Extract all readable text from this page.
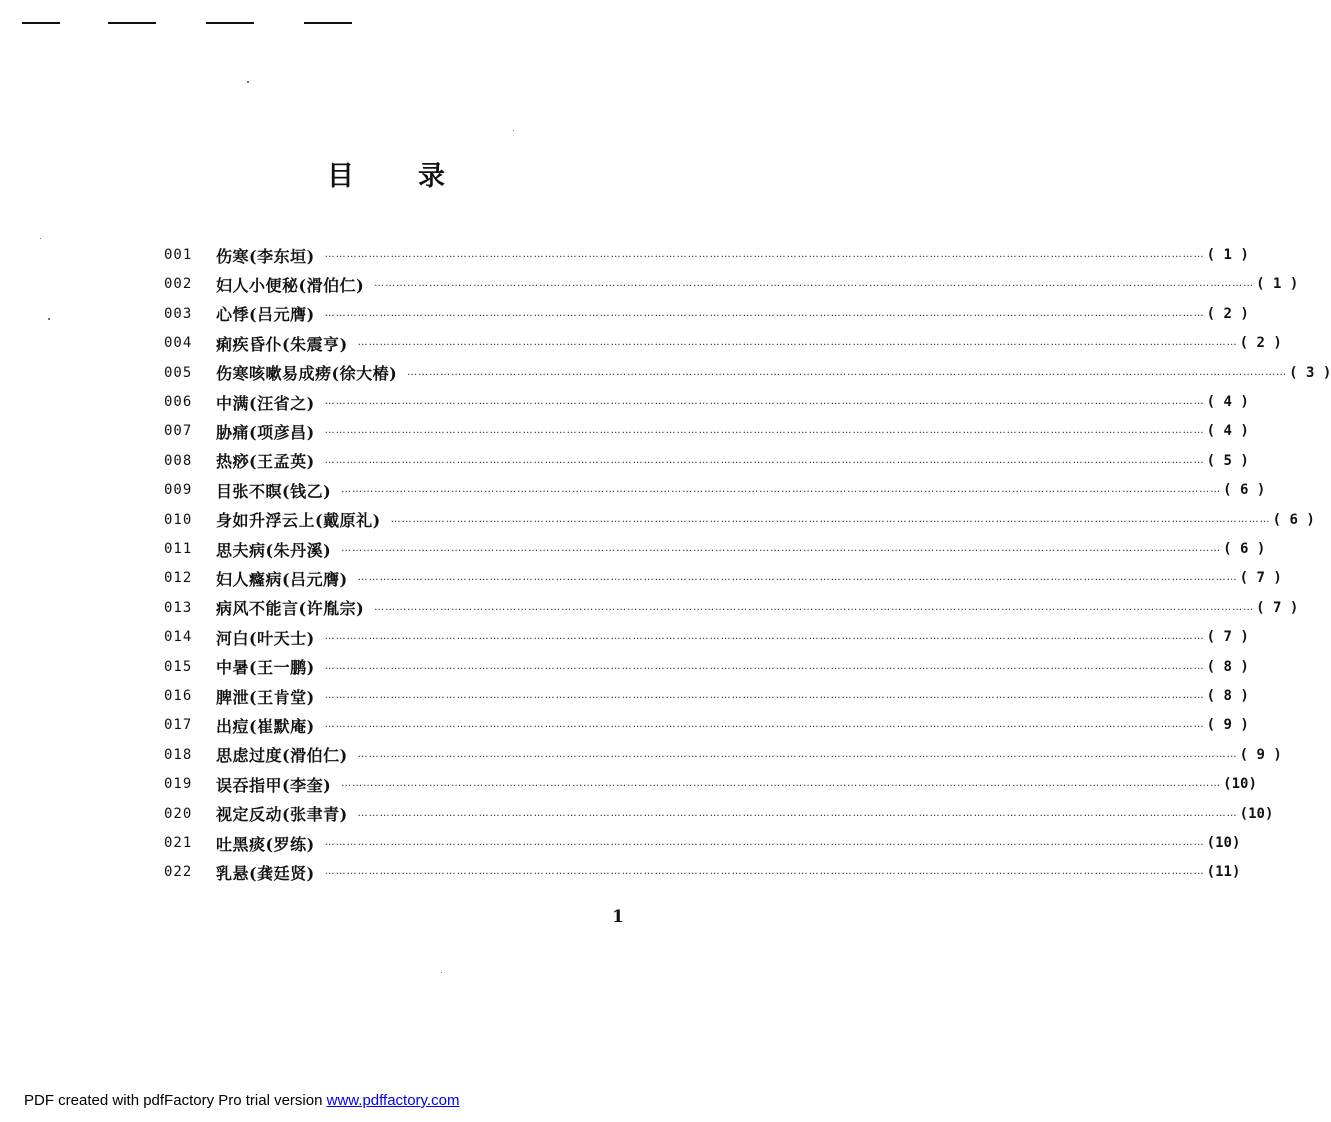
目 录
001	伤寒(李东垣) …………………………………………………………………………………………………………………………………………………………………………………………………………………… ( 1 )
002	妇人小便秘(滑伯仁) …………………………………………………………………………………………………………………………………………………………………………………………………………………… ( 1 )
003	心悸(吕元膺) …………………………………………………………………………………………………………………………………………………………………………………………………………………… ( 2 )
004	痢疾昏仆(朱震亨) …………………………………………………………………………………………………………………………………………………………………………………………………………………… ( 2 )
005	伤寒咳嗽易成痨(徐大椿) …………………………………………………………………………………………………………………………………………………………………………………………………………………… ( 3 )
006	中满(汪省之) …………………………………………………………………………………………………………………………………………………………………………………………………………………… ( 4 )
007	胁痛(项彦昌) …………………………………………………………………………………………………………………………………………………………………………………………………………………… ( 4 )
008	热痧(王孟英) …………………………………………………………………………………………………………………………………………………………………………………………………………………… ( 5 )
009	目张不瞑(钱乙) …………………………………………………………………………………………………………………………………………………………………………………………………………………… ( 6 )
010	身如升浮云上(戴原礼) …………………………………………………………………………………………………………………………………………………………………………………………………………………… ( 6 )
011	思夫病(朱丹溪) …………………………………………………………………………………………………………………………………………………………………………………………………………………… ( 6 )
012	妇人癃病(吕元膺) …………………………………………………………………………………………………………………………………………………………………………………………………………………… ( 7 )
013	病风不能言(许胤宗) …………………………………………………………………………………………………………………………………………………………………………………………………………………… ( 7 )
014	河白(叶天士) …………………………………………………………………………………………………………………………………………………………………………………………………………………… ( 7 )
015	中暑(王一鹏) …………………………………………………………………………………………………………………………………………………………………………………………………………………… ( 8 )
016	脾泄(王肯堂) …………………………………………………………………………………………………………………………………………………………………………………………………………………… ( 8 )
017	出痘(崔默庵) …………………………………………………………………………………………………………………………………………………………………………………………………………………… ( 9 )
018	思虑过度(滑伯仁) …………………………………………………………………………………………………………………………………………………………………………………………………………………… ( 9 )
019	误吞指甲(李奎) …………………………………………………………………………………………………………………………………………………………………………………………………………………… (10)
020	视定反动(张聿青) …………………………………………………………………………………………………………………………………………………………………………………………………………………… (10)
021	吐黑痰(罗练) …………………………………………………………………………………………………………………………………………………………………………………………………………………… (10)
022	乳悬(龚廷贤) …………………………………………………………………………………………………………………………………………………………………………………………………………………… (11)
1
PDF created with pdfFactory Pro trial version www.pdffactory.com
